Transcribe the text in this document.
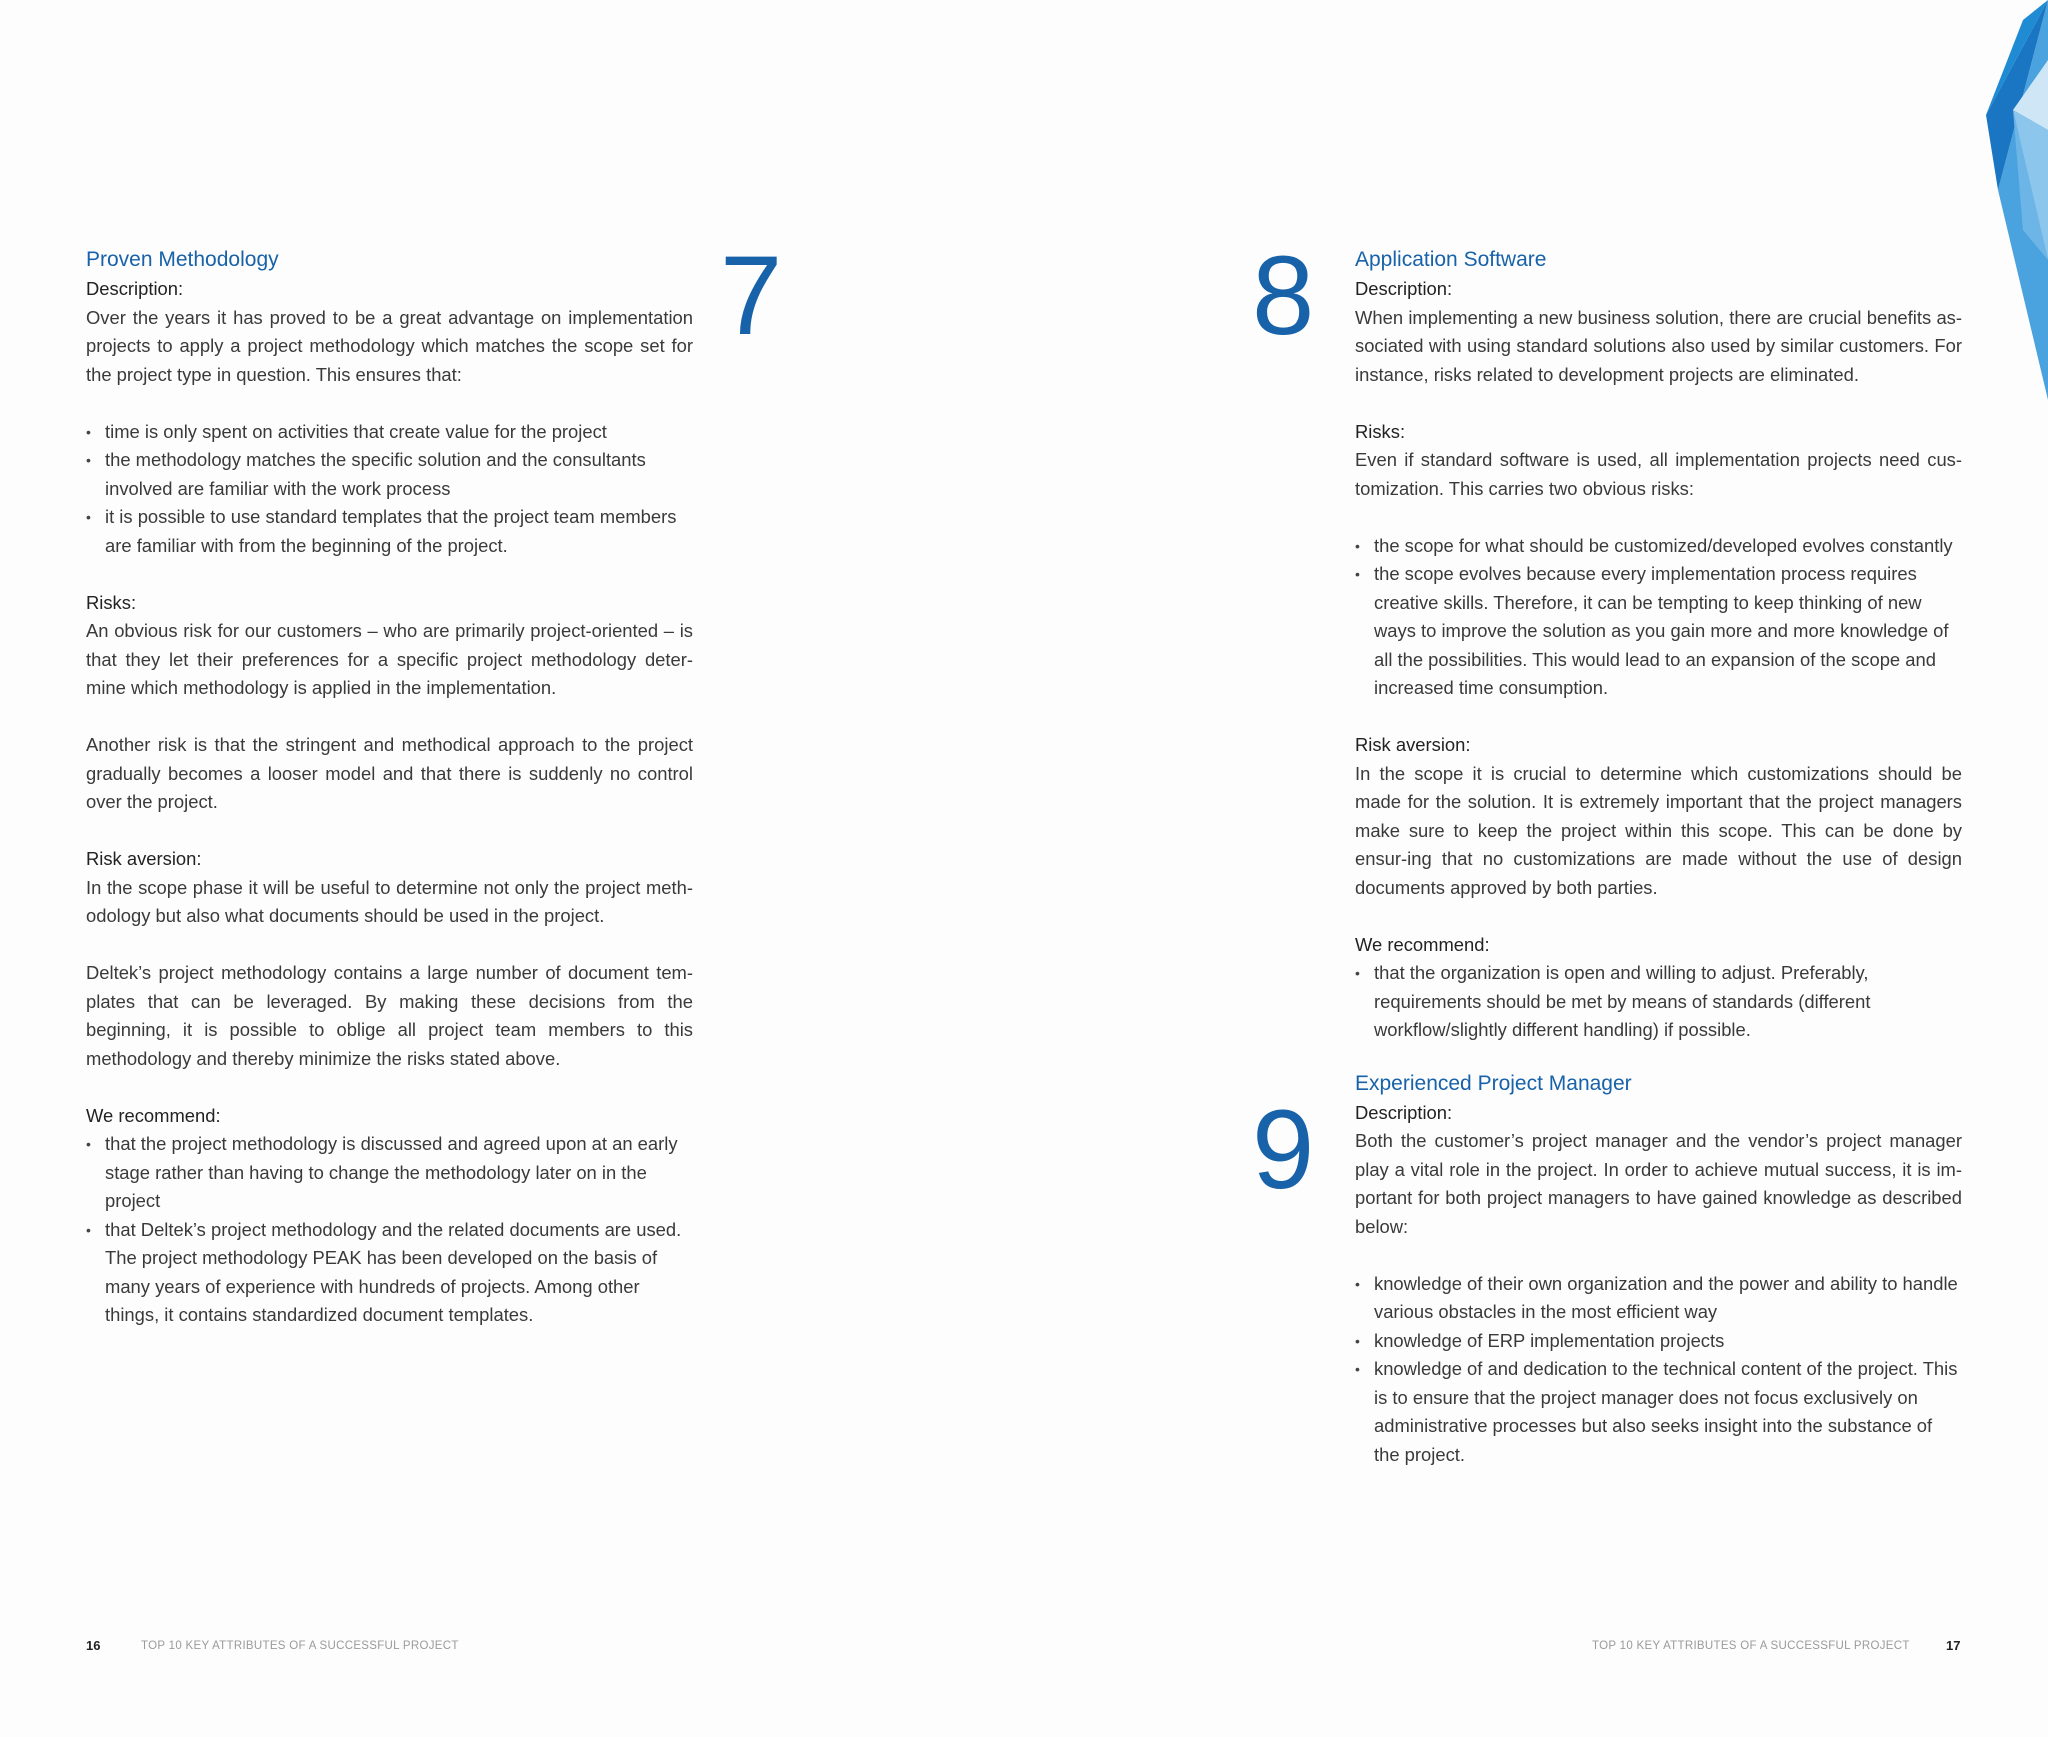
7
Proven Methodology

Description:

Over the years it has proved to be a great advantage on implementation projects to apply a project methodology which matches the scope set for the project type in question. This ensures that:

• time is only spent on activities that create value for the project
• the methodology matches the specific solution and the consultants involved are familiar with the work process
• it is possible to use standard templates that the project team members are familiar with from the beginning of the project.

Risks:

An obvious risk for our customers – who are primarily project-oriented – is that they let their preferences for a specific project methodology deter-mine which methodology is applied in the implementation.

Another risk is that the stringent and methodical approach to the project gradually becomes a looser model and that there is suddenly no control over the project.

Risk aversion:

In the scope phase it will be useful to determine not only the project meth-odology but also what documents should be used in the project.

Deltek’s project methodology contains a large number of document tem-plates that can be leveraged. By making these decisions from the beginning, it is possible to oblige all project team members to this methodology and thereby minimize the risks stated above.

We recommend:

• that the project methodology is discussed and agreed upon at an early stage rather than having to change the methodology later on in the project
• that Deltek’s project methodology and the related documents are used. The project methodology PEAK has been developed on the basis of many years of experience with hundreds of projects. Among other things, it contains standardized document templates.
16	TOP 10 KEY ATTRIBUTES OF A SUCCESSFUL PROJECT
8
9
Application Software

Description:

When implementing a new business solution, there are crucial benefits as-sociated with using standard solutions also used by similar customers. For instance, risks related to development projects are eliminated.

Risks:

Even if standard software is used, all implementation projects need cus-tomization. This carries two obvious risks:

• the scope for what should be customized/developed evolves constantly
• the scope evolves because every implementation process requires creative skills. Therefore, it can be tempting to keep thinking of new ways to improve the solution as you gain more and more knowledge of all the possibilities. This would lead to an expansion of the scope and increased time consumption.

Risk aversion:

In the scope it is crucial to determine which customizations should be made for the solution. It is extremely important that the project managers make sure to keep the project within this scope. This can be done by ensur-ing that no customizations are made without the use of design documents approved by both parties.

We recommend:

• that the organization is open and willing to adjust. Preferably, requirements should be met by means of standards (different workflow/slightly different handling) if possible.
Experienced Project Manager

Description:

Both the customer’s project manager and the vendor’s project manager play a vital role in the project. In order to achieve mutual success, it is im-portant for both project managers to have gained knowledge as described below:

• knowledge of their own organization and the power and ability to handle various obstacles in the most efficient way
• knowledge of ERP implementation projects
• knowledge of and dedication to the technical content of the project. This is to ensure that the project manager does not focus exclusively on administrative processes but also seeks insight into the substance of the project.
TOP 10 KEY ATTRIBUTES OF A SUCCESSFUL PROJECT	17
